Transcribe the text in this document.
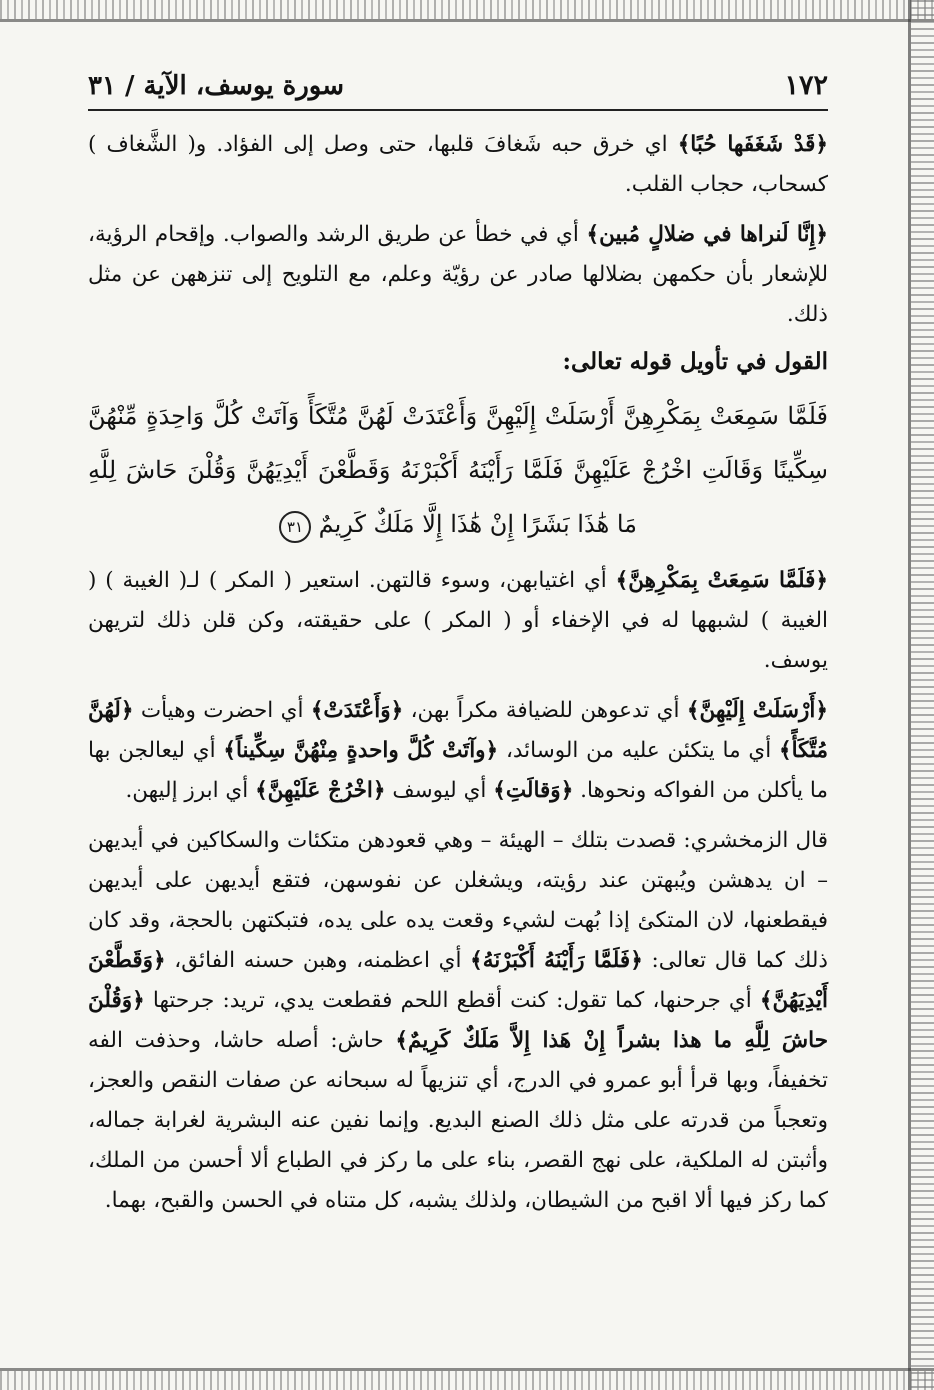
١٧٢
سورة يوسف، الآية / ٣١

﴿قَدْ شَغَفَها حُبًا﴾ اي خرق حبه شَغافَ قلبها، حتى وصل إلى الفؤاد. و( الشَّغاف ) كسحاب، حجاب القلب.

﴿إِنَّا لَنراها في ضلالٍ مُبين﴾ أي في خطأ عن طريق الرشد والصواب. وإقحام الرؤية، للإشعار بأن حكمهن بضلالها صادر عن رؤيّة وعلم، مع التلويح إلى تنزههن عن مثل ذلك.

القول في تأويل قوله تعالى:
فَلَمَّا سَمِعَتْ بِمَكْرِهِنَّ أَرْسَلَتْ إِلَيْهِنَّ وَأَعْتَدَتْ لَهُنَّ مُتَّكَأً وَآتَتْ كُلَّ وَاحِدَةٍ مِّنْهُنَّ سِكِّينًا وَقَالَتِ اخْرُجْ عَلَيْهِنَّ فَلَمَّا رَأَيْنَهُ أَكْبَرْنَهُ وَقَطَّعْنَ أَيْدِيَهُنَّ وَقُلْنَ حَاشَ لِلَّهِ مَا هَٰذَا بَشَرًا إِنْ هَٰذَا إِلَّا مَلَكٌ كَرِيمٌ ٣١

﴿فَلَمَّا سَمِعَتْ بِمَكْرِهِنَّ﴾ أي اغتيابهن، وسوء قالتهن. استعير ( المكر ) لـ( الغيبة ) ( الغيبة ) لشبهها له في الإخفاء أو ( المكر ) على حقيقته، وكن قلن ذلك لتريهن يوسف.

﴿أَرْسَلَتْ إِلَيْهِنَّ﴾ أي تدعوهن للضيافة مكراً بهن، ﴿وَأَعْتَدَتْ﴾ أي احضرت وهيأت ﴿لَهُنَّ مُتَّكَأً﴾ أي ما يتكئن عليه من الوسائد، ﴿وآتَتْ كُلَّ واحدةٍ مِنْهُنَّ سِكِّيناً﴾ أي ليعالجن بها ما يأكلن من الفواكه ونحوها. ﴿وَقالَتِ﴾ أي ليوسف ﴿اخْرُجْ عَلَيْهِنَّ﴾ أي ابرز إليهن.

قال الزمخشري: قصدت بتلك – الهيئة – وهي قعودهن متكئات والسكاكين في أيديهن – ان يدهشن ويُبهتن عند رؤيته، ويشغلن عن نفوسهن، فتقع أيديهن على أيديهن فيقطعنها، لان المتكئ إذا بُهت لشيء وقعت يده على يده، فتبكتهن بالحجة، وقد كان ذلك كما قال تعالى: ﴿فَلَمَّا رَأَيْنَهُ أَكْبَرْنَهُ﴾ أي اعظمنه، وهبن حسنه الفائق، ﴿وَقَطَّعْنَ أَيْدِيَهُنَّ﴾ أي جرحنها، كما تقول: كنت أقطع اللحم فقطعت يدي، تريد: جرحتها ﴿وَقُلْنَ حاشَ لِلَّهِ ما هذا بشراً إِنْ هَذا إِلاَّ مَلَكٌ كَرِيمٌ﴾ حاش: أصله حاشا، وحذفت الفه تخفيفاً، وبها قرأ أبو عمرو في الدرج، أي تنزيهاً له سبحانه عن صفات النقص والعجز، وتعجباً من قدرته على مثل ذلك الصنع البديع. وإنما نفين عنه البشرية لغرابة جماله، وأثبتن له الملكية، على نهج القصر، بناء على ما ركز في الطباع ألا أحسن من الملك، كما ركز فيها ألا اقبح من الشيطان، ولذلك يشبه، كل متناه في الحسن والقبح، بهما.
